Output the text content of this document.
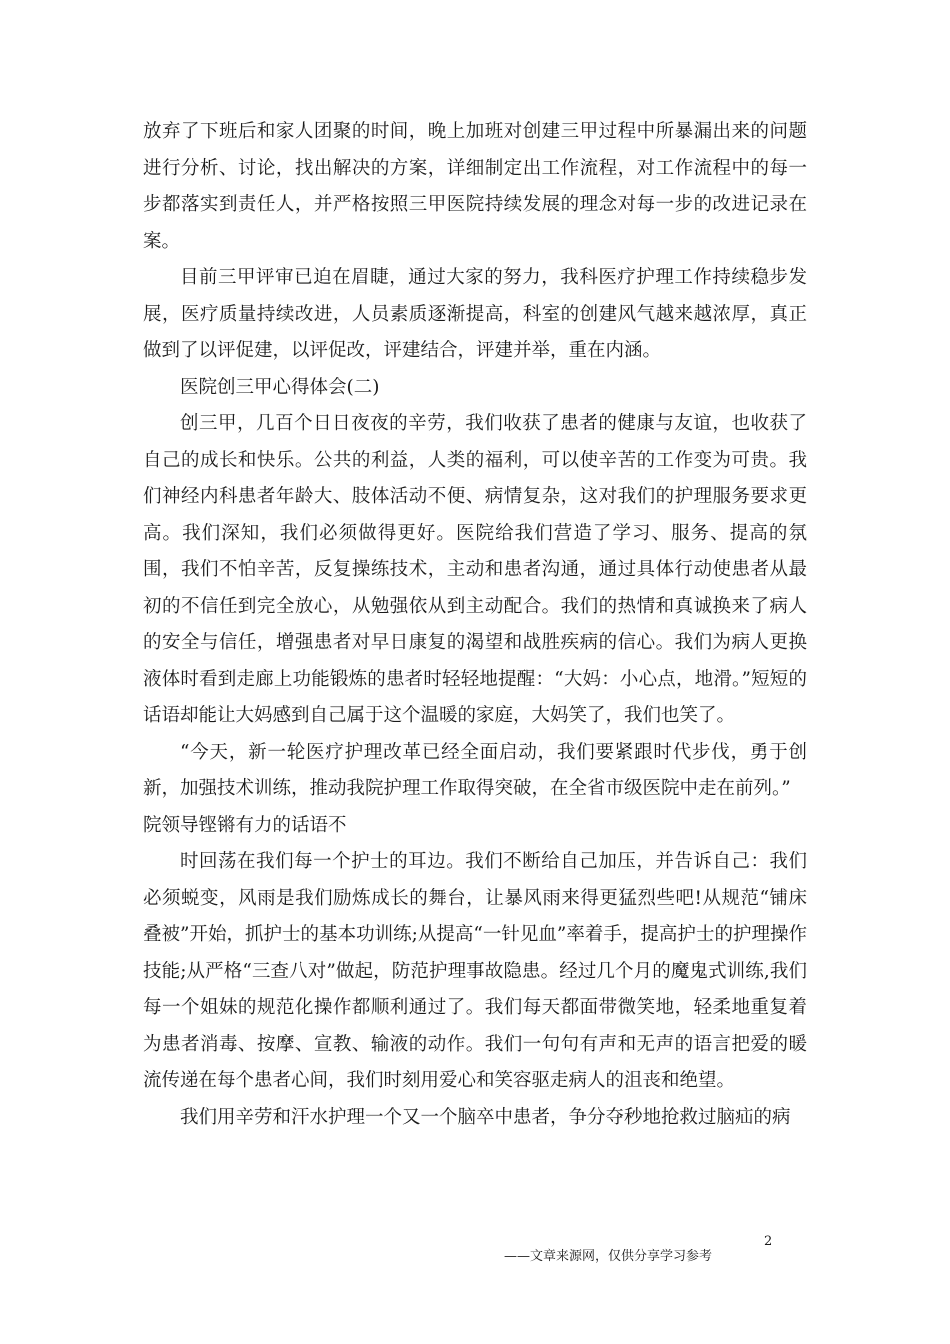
放弃了下班后和家人团聚的时间，晚上加班对创建三甲过程中所暴漏出来的问题进行分析、讨论，找出解决的方案，详细制定出工作流程，对工作流程中的每一步都落实到责任人，并严格按照三甲医院持续发展的理念对每一步的改进记录在案。

目前三甲评审已迫在眉睫，通过大家的努力，我科医疗护理工作持续稳步发展，医疗质量持续改进，人员素质逐渐提高，科室的创建风气越来越浓厚，真正做到了以评促建，以评促改，评建结合，评建并举，重在内涵。

医院创三甲心得体会(二)

创三甲，几百个日日夜夜的辛劳，我们收获了患者的健康与友谊，也收获了自己的成长和快乐。公共的利益，人类的福利，可以使辛苦的工作变为可贵。我们神经内科患者年龄大、肢体活动不便、病情复杂，这对我们的护理服务要求更高。我们深知，我们必须做得更好。医院给我们营造了学习、服务、提高的氛围，我们不怕辛苦，反复操练技术，主动和患者沟通，通过具体行动使患者从最初的不信任到完全放心，从勉强依从到主动配合。我们的热情和真诚换来了病人的安全与信任，增强患者对早日康复的渴望和战胜疾病的信心。我们为病人更换液体时看到走廊上功能锻炼的患者时轻轻地提醒：“大妈：小心点，地滑。”短短的话语却能让大妈感到自己属于这个温暖的家庭，大妈笑了，我们也笑了。

“今天，新一轮医疗护理改革已经全面启动，我们要紧跟时代步伐，勇于创新，加强技术训练，推动我院护理工作取得突破，在全省市级医院中走在前列。”

院领导铿锵有力的话语不

时回荡在我们每一个护士的耳边。我们不断给自己加压，并告诉自己：我们必须蜕变，风雨是我们励炼成长的舞台，让暴风雨来得更猛烈些吧!从规范“铺床叠被”开始，抓护士的基本功训练;从提高“一针见血”率着手，提高护士的护理操作技能;从严格“三查八对”做起，防范护理事故隐患。经过几个月的魔鬼式训练,我们每一个姐妹的规范化操作都顺利通过了。我们每天都面带微笑地，轻柔地重复着为患者消毒、按摩、宣教、输液的动作。我们一句句有声和无声的语言把爱的暖流传递在每个患者心间，我们时刻用爱心和笑容驱走病人的沮丧和绝望。

我们用辛劳和汗水护理一个又一个脑卒中患者，争分夺秒地抢救过脑疝的病

2
——文章来源网，仅供分享学习参考
